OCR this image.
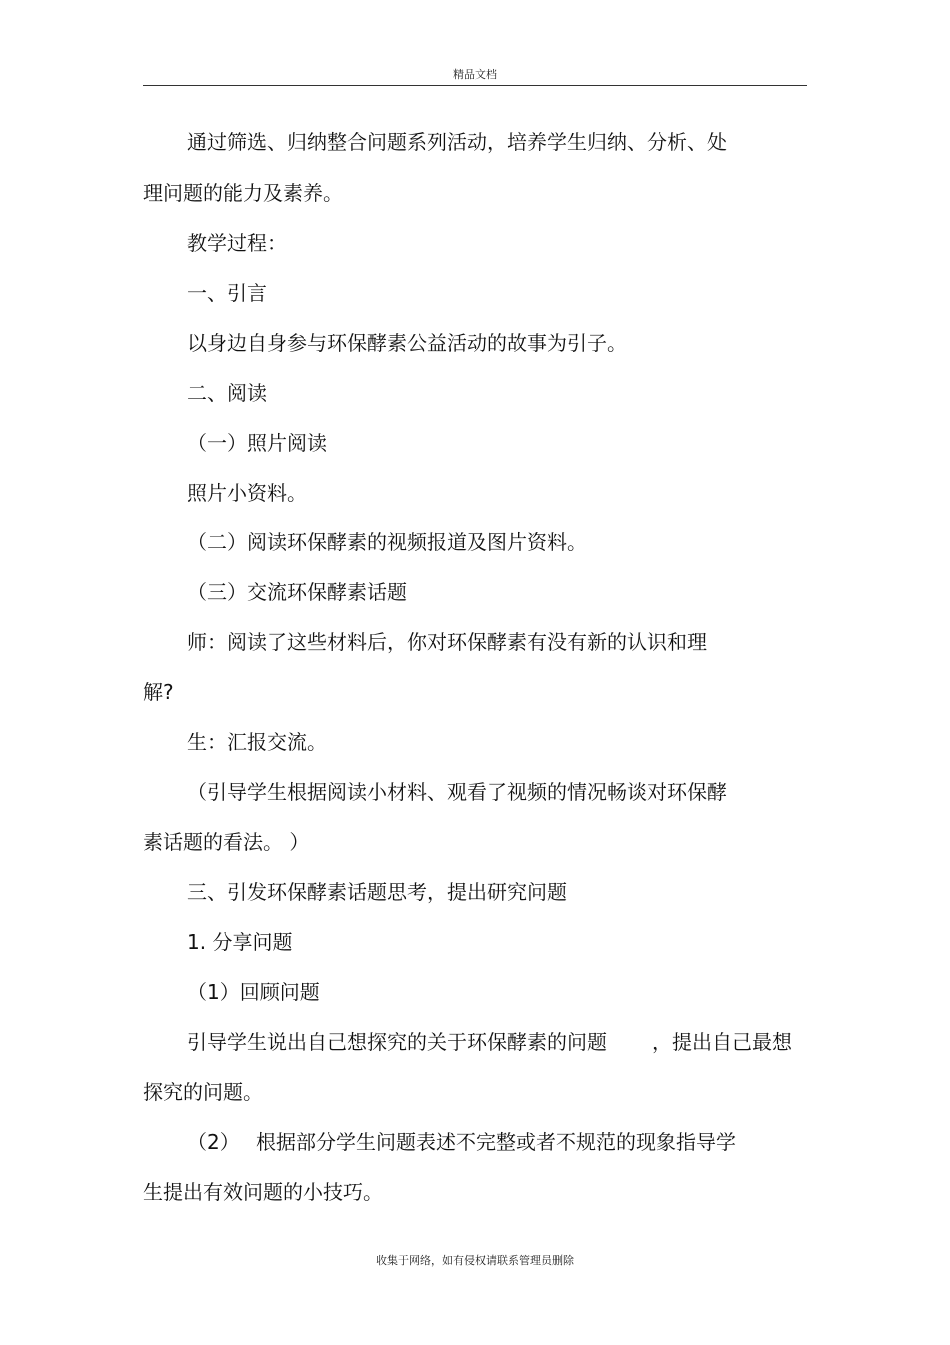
精品文档
通过筛选、归纳整合问题系列活动，培养学生归纳、分析、处
理问题的能力及素养。
教学过程：
一、引言
以身边自身参与环保酵素公益活动的故事为引子。
二、阅读
（一）照片阅读
照片小资料。
（二）阅读环保酵素的视频报道及图片资料。
（三）交流环保酵素话题
师：阅读了这些材料后，你对环保酵素有没有新的认识和理
解?
生：汇报交流。
（引导学生根据阅读小材料、观看了视频的情况畅谈对环保酵
素话题的看法。 ）
三、引发环保酵素话题思考，提出研究问题
1. 分享问题
（1）回顾问题
引导学生说出自己想探究的关于环保酵素的问题 ，提出自己最想
探究的问题。
（2） 根据部分学生问题表述不完整或者不规范的现象指导学
生提出有效问题的小技巧。
收集于网络，如有侵权请联系管理员删除
